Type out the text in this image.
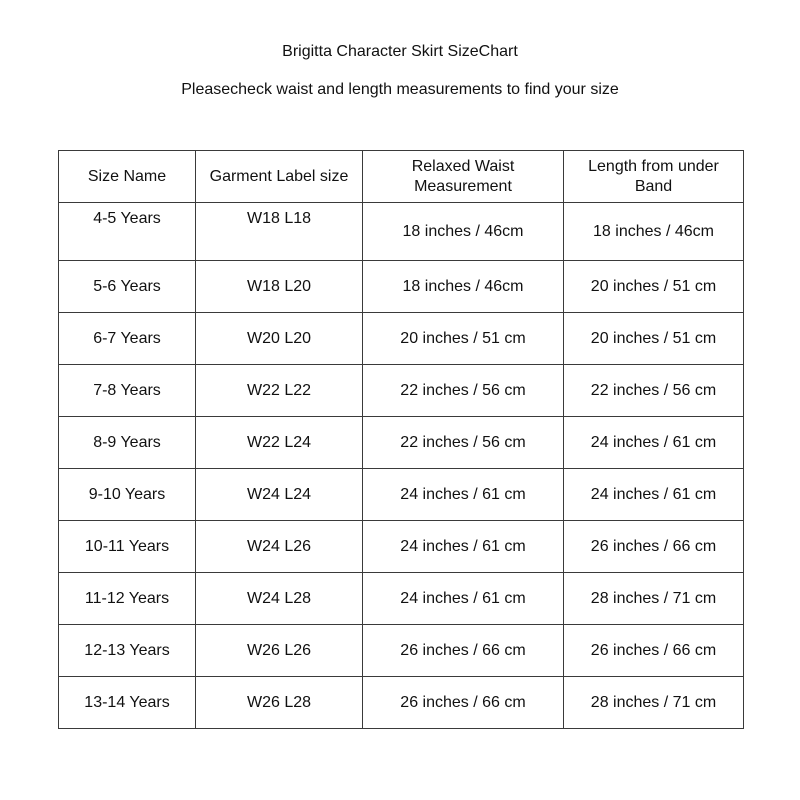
Brigitta Character Skirt SizeChart
Pleasecheck waist and length measurements to find your size
Size Name	Garment Label size	Relaxed Waist Measurement	Length from under Band
4-5 Years	W18 L18	18 inches / 46cm	18 inches / 46cm
5-6 Years	W18 L20	18 inches / 46cm	20 inches / 51 cm
6-7 Years	W20 L20	20 inches / 51 cm	20 inches / 51 cm
7-8 Years	W22 L22	22 inches / 56 cm	22 inches / 56 cm
8-9 Years	W22 L24	22 inches / 56 cm	24 inches / 61 cm
9-10 Years	W24 L24	24 inches / 61 cm	24 inches / 61 cm
10-11 Years	W24 L26	24 inches / 61 cm	26 inches / 66 cm
11-12 Years	W24 L28	24 inches / 61 cm	28 inches / 71 cm
12-13 Years	W26 L26	26 inches / 66 cm	26 inches / 66 cm
13-14 Years	W26 L28	26 inches / 66 cm	28 inches / 71 cm
